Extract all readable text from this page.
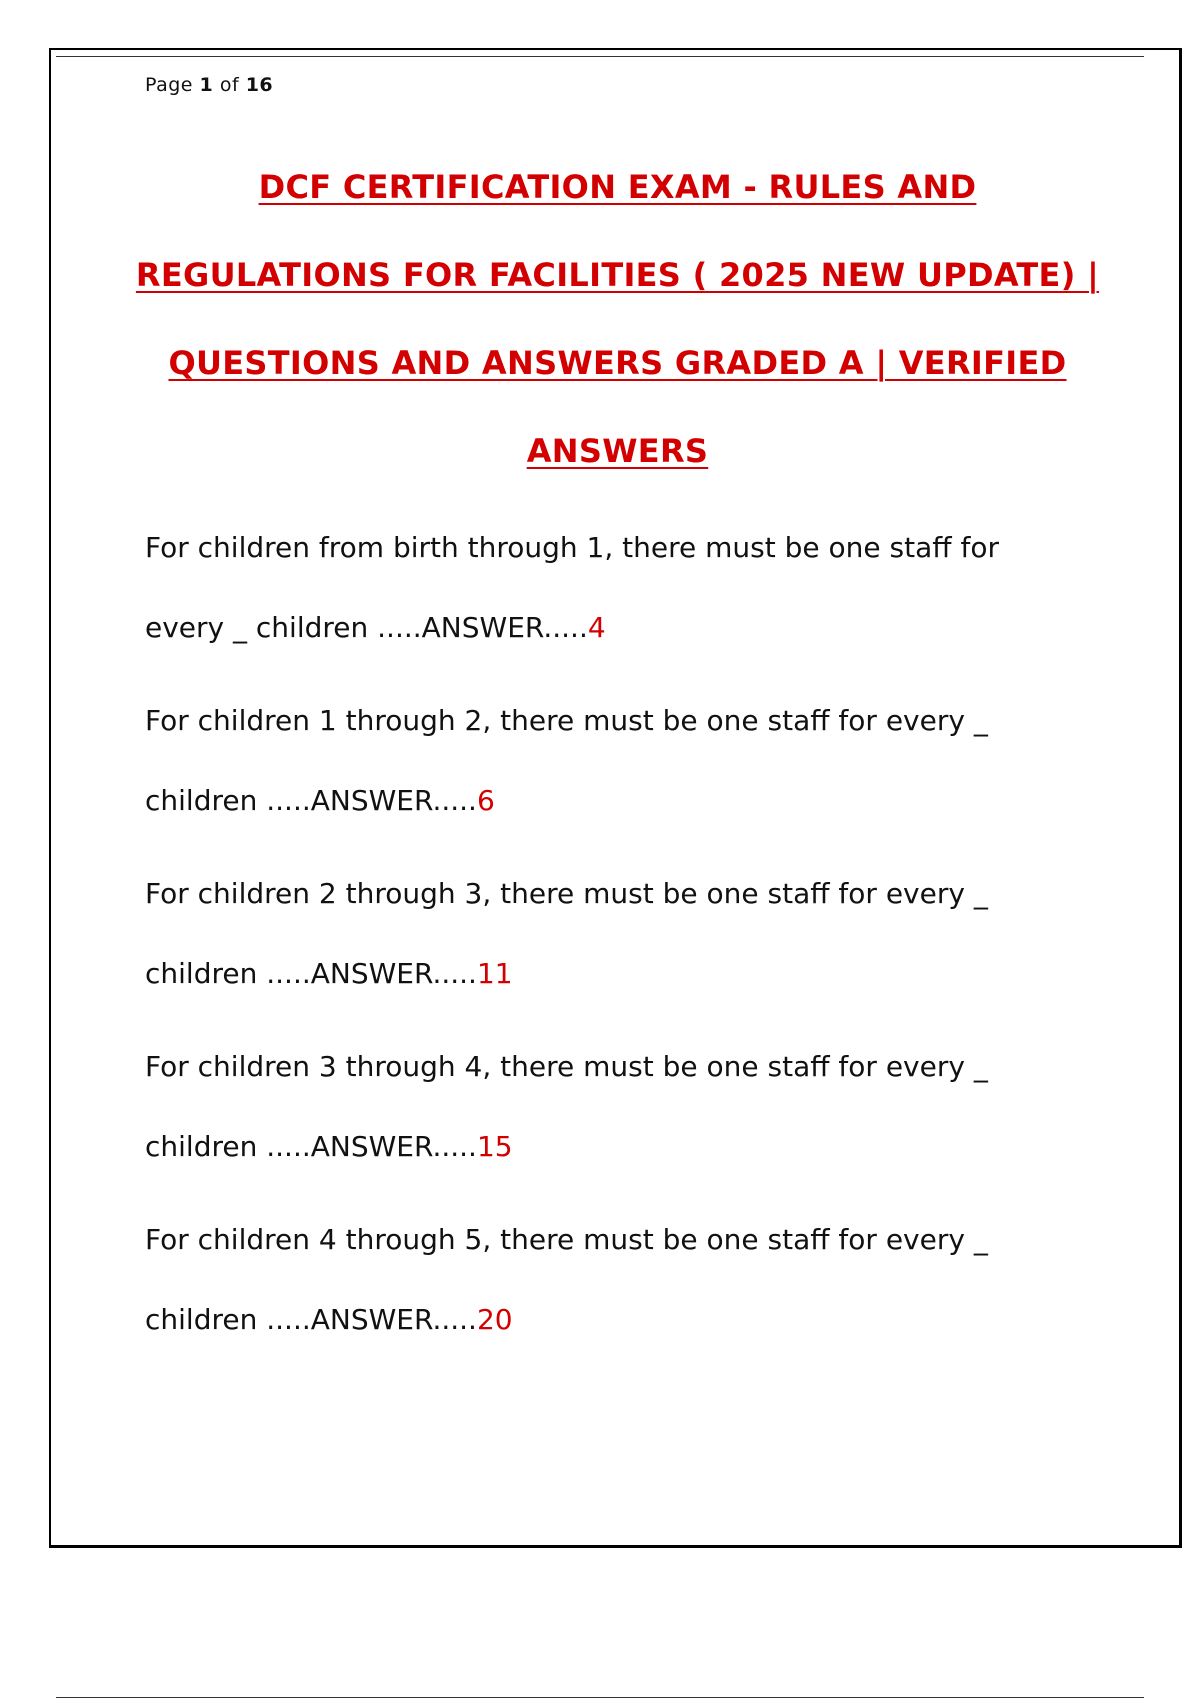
Page 1 of 16
DCF CERTIFICATION EXAM - RULES AND
REGULATIONS FOR FACILITIES ( 2025 NEW UPDATE) |
QUESTIONS AND ANSWERS GRADED A | VERIFIED
ANSWERS
For children from birth through 1, there must be one staff for
every _ children .....ANSWER.....4
For children 1 through 2, there must be one staff for every _
children .....ANSWER.....6
For children 2 through 3, there must be one staff for every _
children .....ANSWER.....11
For children 3 through 4, there must be one staff for every _
children .....ANSWER.....15
For children 4 through 5, there must be one staff for every _
children .....ANSWER.....20
